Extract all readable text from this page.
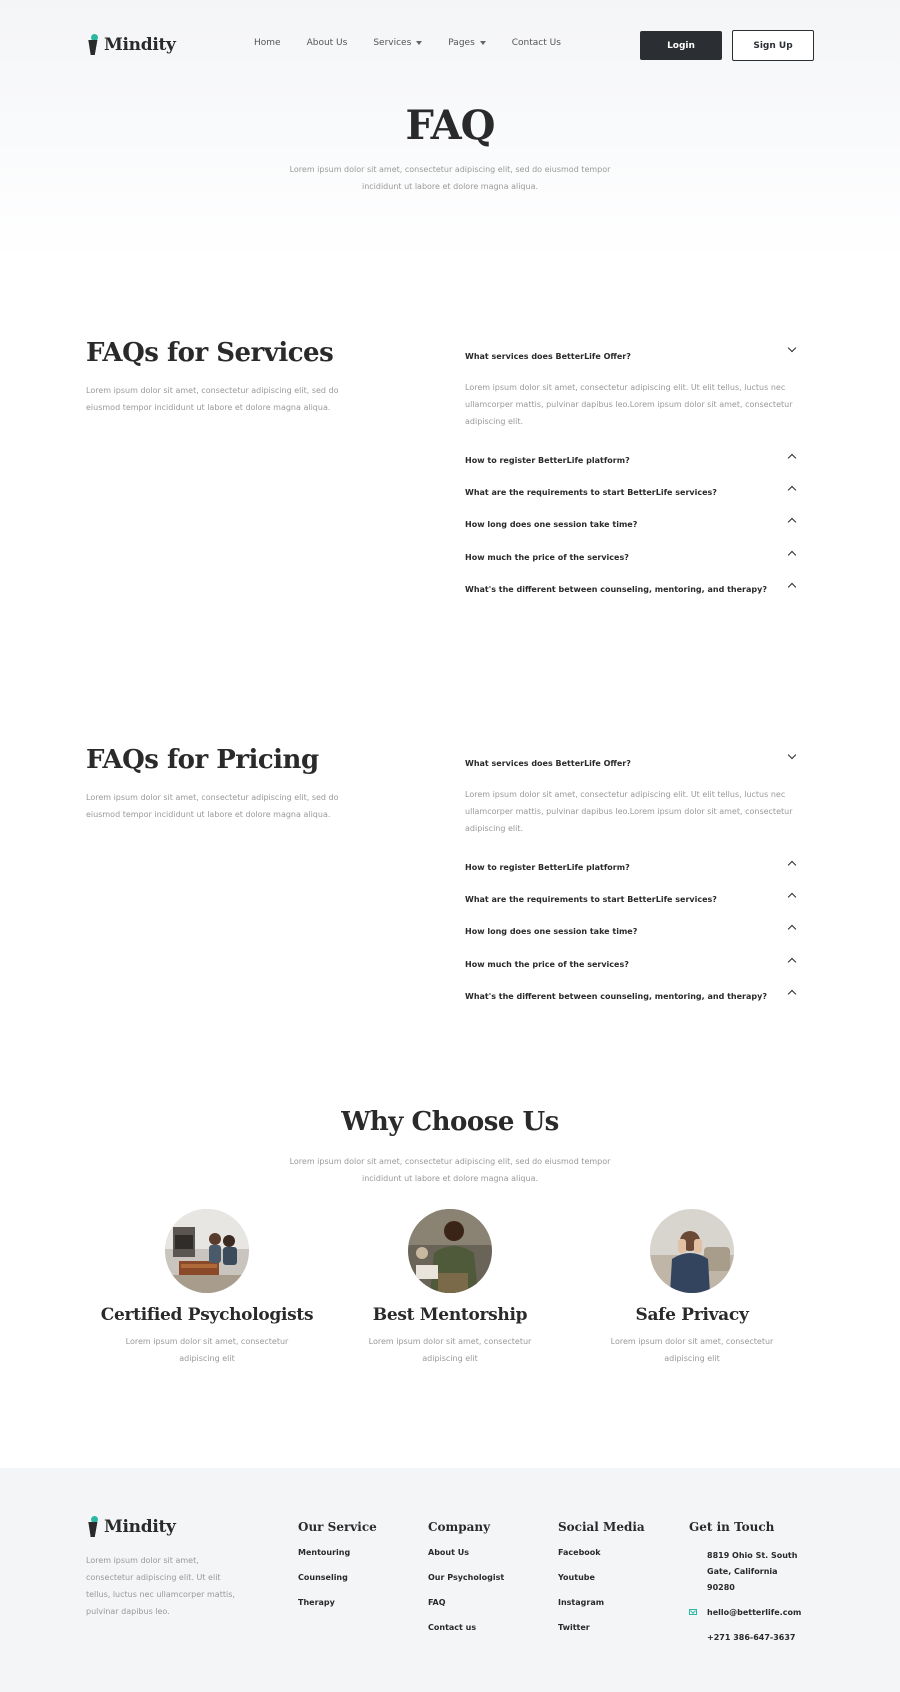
Mindity	Home	About Us	Services	Pages	Contact Us	Login	Sign Up
FAQ

Lorem ipsum dolor sit amet, consectetur adipiscing elit, sed do eiusmod tempor incididunt ut labore et dolore magna aliqua.

FAQs for Services

Lorem ipsum dolor sit amet, consectetur adipiscing elit, sed do eiusmod tempor incididunt ut labore et dolore magna aliqua.

What services does BetterLife Offer?

Lorem ipsum dolor sit amet, consectetur adipiscing elit. Ut elit tellus, luctus nec ullamcorper mattis, pulvinar dapibus leo.Lorem ipsum dolor sit amet, consectetur adipiscing elit.

How to register BetterLife platform?
What are the requirements to start BetterLife services?
How long does one session take time?
How much the price of the services?
What's the different between counseling, mentoring, and therapy?
FAQs for Pricing

Lorem ipsum dolor sit amet, consectetur adipiscing elit, sed do eiusmod tempor incididunt ut labore et dolore magna aliqua.

What services does BetterLife Offer?

Lorem ipsum dolor sit amet, consectetur adipiscing elit. Ut elit tellus, luctus nec ullamcorper mattis, pulvinar dapibus leo.Lorem ipsum dolor sit amet, consectetur adipiscing elit.

How to register BetterLife platform?
What are the requirements to start BetterLife services?
How long does one session take time?
How much the price of the services?
What's the different between counseling, mentoring, and therapy?
Why Choose Us

Lorem ipsum dolor sit amet, consectetur adipiscing elit, sed do eiusmod tempor incididunt ut labore et dolore magna aliqua.

Certified Psychologists

Lorem ipsum dolor sit amet, consectetur adipiscing elit

Best Mentorship

Lorem ipsum dolor sit amet, consectetur adipiscing elit

Safe Privacy

Lorem ipsum dolor sit amet, consectetur adipiscing elit

Mindity

Lorem ipsum dolor sit amet, consectetur adipiscing elit. Ut elit tellus, luctus nec ullamcorper mattis, pulvinar dapibus leo.

Our Service
Mentouring
Counseling
Therapy
Company
About Us
Our Psychologist
FAQ
Contact us
Social Media
Facebook
Youtube
Instagram
Twitter
Get in Touch
8819 Ohio St. South Gate, California 90280
hello@betterlife.com
+271 386-647-3637
